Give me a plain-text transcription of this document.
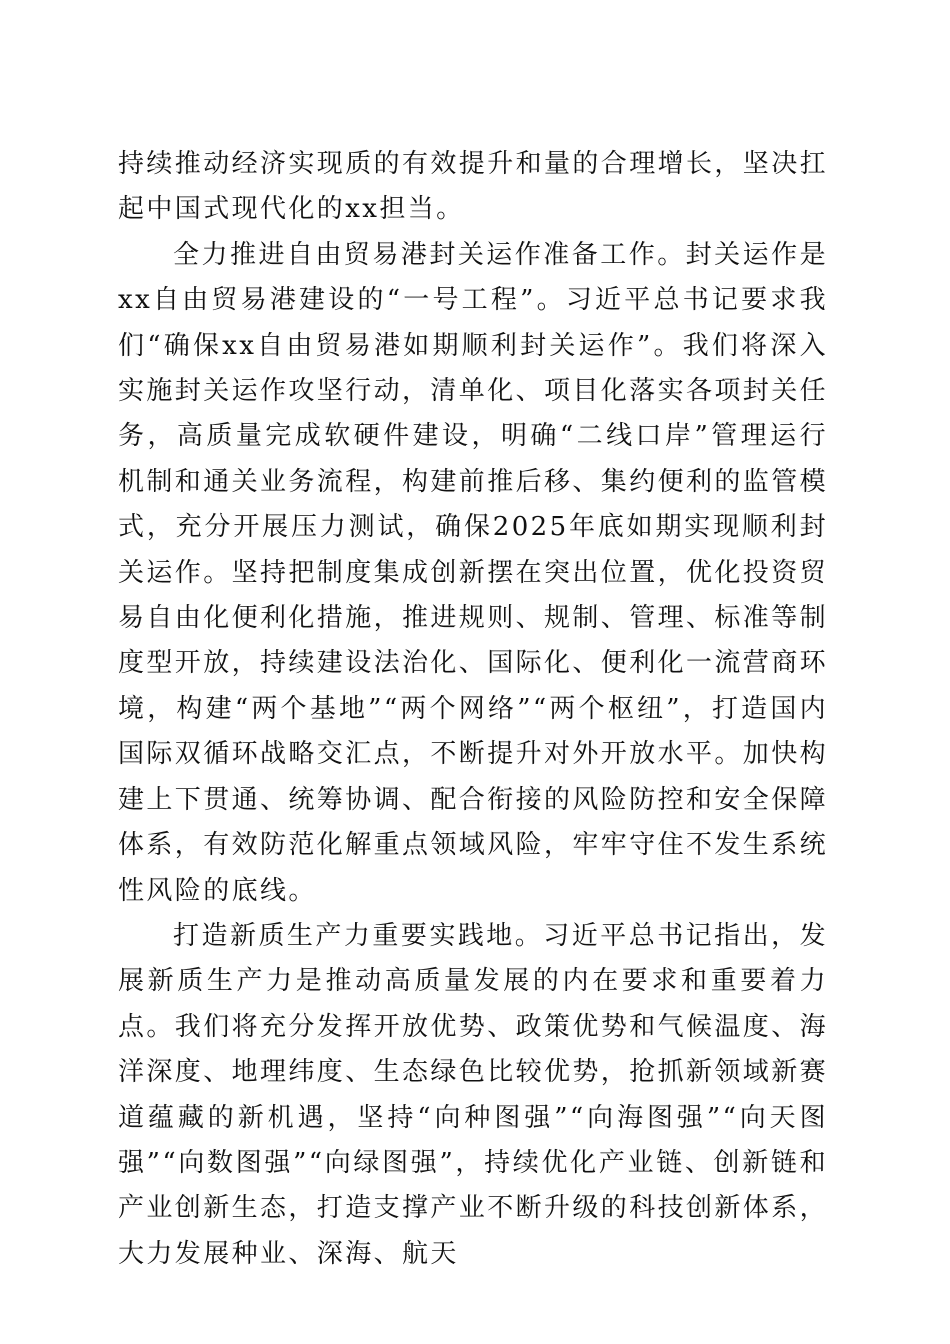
持续推动经济实现质的有效提升和量的合理增长，坚决扛起中国式现代化的xx担当。

全力推进自由贸易港封关运作准备工作。封关运作是xx自由贸易港建设的“一号工程”。习近平总书记要求我们“确保xx自由贸易港如期顺利封关运作”。我们将深入实施封关运作攻坚行动，清单化、项目化落实各项封关任务，高质量完成软硬件建设，明确“二线口岸”管理运行机制和通关业务流程，构建前推后移、集约便利的监管模式，充分开展压力测试，确保2025年底如期实现顺利封关运作。坚持把制度集成创新摆在突出位置，优化投资贸易自由化便利化措施，推进规则、规制、管理、标准等制度型开放，持续建设法治化、国际化、便利化一流营商环境，构建“两个基地”“两个网络”“两个枢纽”，打造国内国际双循环战略交汇点，不断提升对外开放水平。加快构建上下贯通、统筹协调、配合衔接的风险防控和安全保障体系，有效防范化解重点领域风险，牢牢守住不发生系统性风险的底线。

打造新质生产力重要实践地。习近平总书记指出，发展新质生产力是推动高质量发展的内在要求和重要着力点。我们将充分发挥开放优势、政策优势和气候温度、海洋深度、地理纬度、生态绿色比较优势，抢抓新领域新赛道蕴藏的新机遇，坚持“向种图强”“向海图强”“向天图强”“向数图强”“向绿图强”，持续优化产业链、创新链和产业创新生态，打造支撑产业不断升级的科技创新体系，大力发展种业、深海、航天
